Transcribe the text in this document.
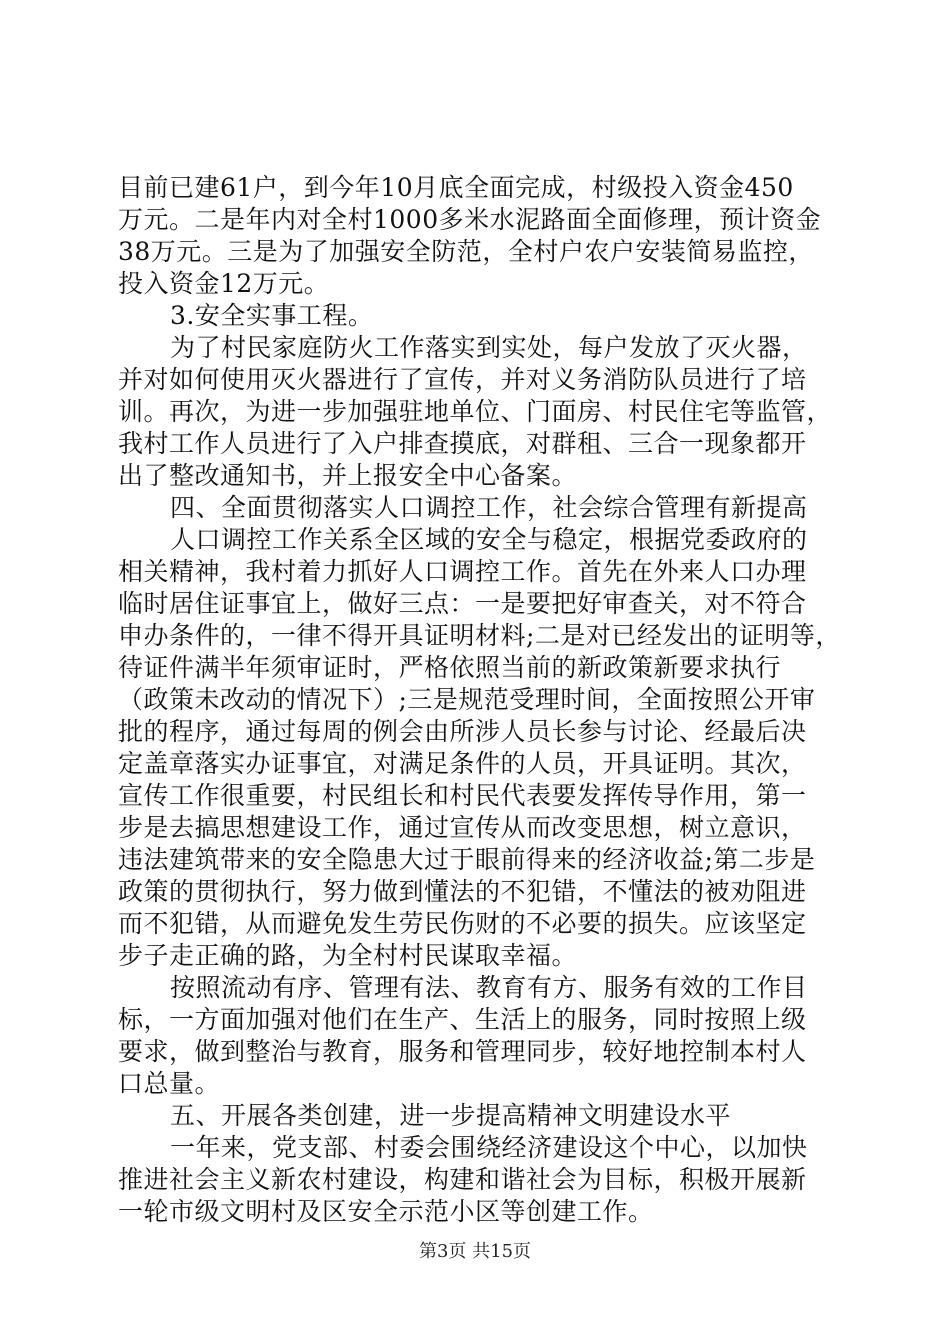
目前已建61户，到今年10月底全面完成，村级投入资金450
万元。二是年内对全村1000多米水泥路面全面修理，预计资金
38万元。三是为了加强安全防范，全村户农户安装简易监控，
投入资金12万元。
3.安全实事工程。
为了村民家庭防火工作落实到实处，每户发放了灭火器，
并对如何使用灭火器进行了宣传，并对义务消防队员进行了培
训。再次，为进一步加强驻地单位、门面房、村民住宅等监管，
我村工作人员进行了入户排查摸底，对群租、三合一现象都开
出了整改通知书，并上报安全中心备案。
四、全面贯彻落实人口调控工作，社会综合管理有新提高
人口调控工作关系全区域的安全与稳定，根据党委政府的
相关精神，我村着力抓好人口调控工作。首先在外来人口办理
临时居住证事宜上，做好三点：一是要把好审查关，对不符合
申办条件的，一律不得开具证明材料;二是对已经发出的证明等，
待证件满半年须审证时，严格依照当前的新政策新要求执行
（政策未改动的情况下）;三是规范受理时间，全面按照公开审
批的程序，通过每周的例会由所涉人员长参与讨论、经最后决
定盖章落实办证事宜，对满足条件的人员，开具证明。其次，
宣传工作很重要，村民组长和村民代表要发挥传导作用，第一
步是去搞思想建设工作，通过宣传从而改变思想，树立意识，
违法建筑带来的安全隐患大过于眼前得来的经济收益;第二步是
政策的贯彻执行，努力做到懂法的不犯错，不懂法的被劝阻进
而不犯错，从而避免发生劳民伤财的不必要的损失。应该坚定
步子走正确的路，为全村村民谋取幸福。
按照流动有序、管理有法、教育有方、服务有效的工作目
标，一方面加强对他们在生产、生活上的服务，同时按照上级
要求，做到整治与教育，服务和管理同步，较好地控制本村人
口总量。
五、开展各类创建，进一步提高精神文明建设水平
一年来，党支部、村委会围绕经济建设这个中心，以加快
推进社会主义新农村建设，构建和谐社会为目标，积极开展新
一轮市级文明村及区安全示范小区等创建工作。
第3页 共15页
